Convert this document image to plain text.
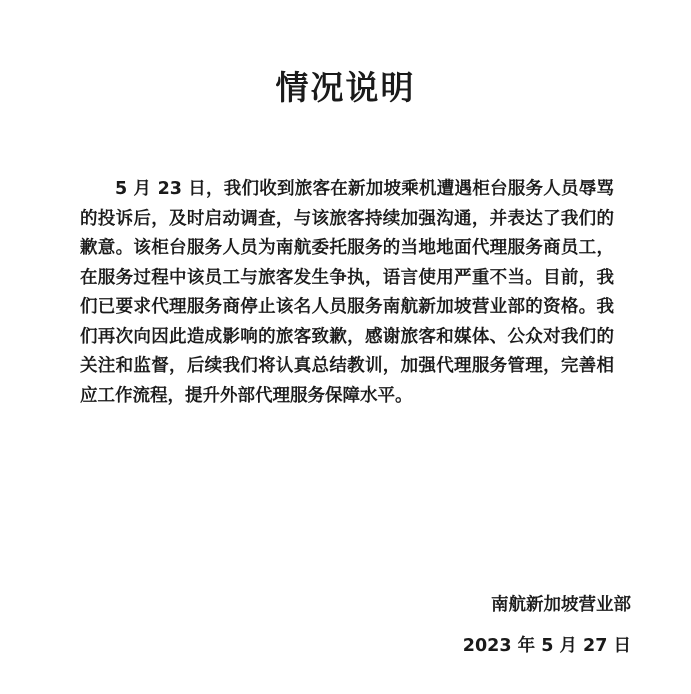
情况说明

5 月 23 日，我们收到旅客在新加坡乘机遭遇柜台服务人员辱骂的投诉后，及时启动调查，与该旅客持续加强沟通，并表达了我们的歉意。该柜台服务人员为南航委托服务的当地地面代理服务商员工，在服务过程中该员工与旅客发生争执，语言使用严重不当。目前，我们已要求代理服务商停止该名人员服务南航新加坡营业部的资格。我们再次向因此造成影响的旅客致歉，感谢旅客和媒体、公众对我们的关注和监督，后续我们将认真总结教训，加强代理服务管理，完善相应工作流程，提升外部代理服务保障水平。

南航新加坡营业部
2023 年 5 月 27 日
